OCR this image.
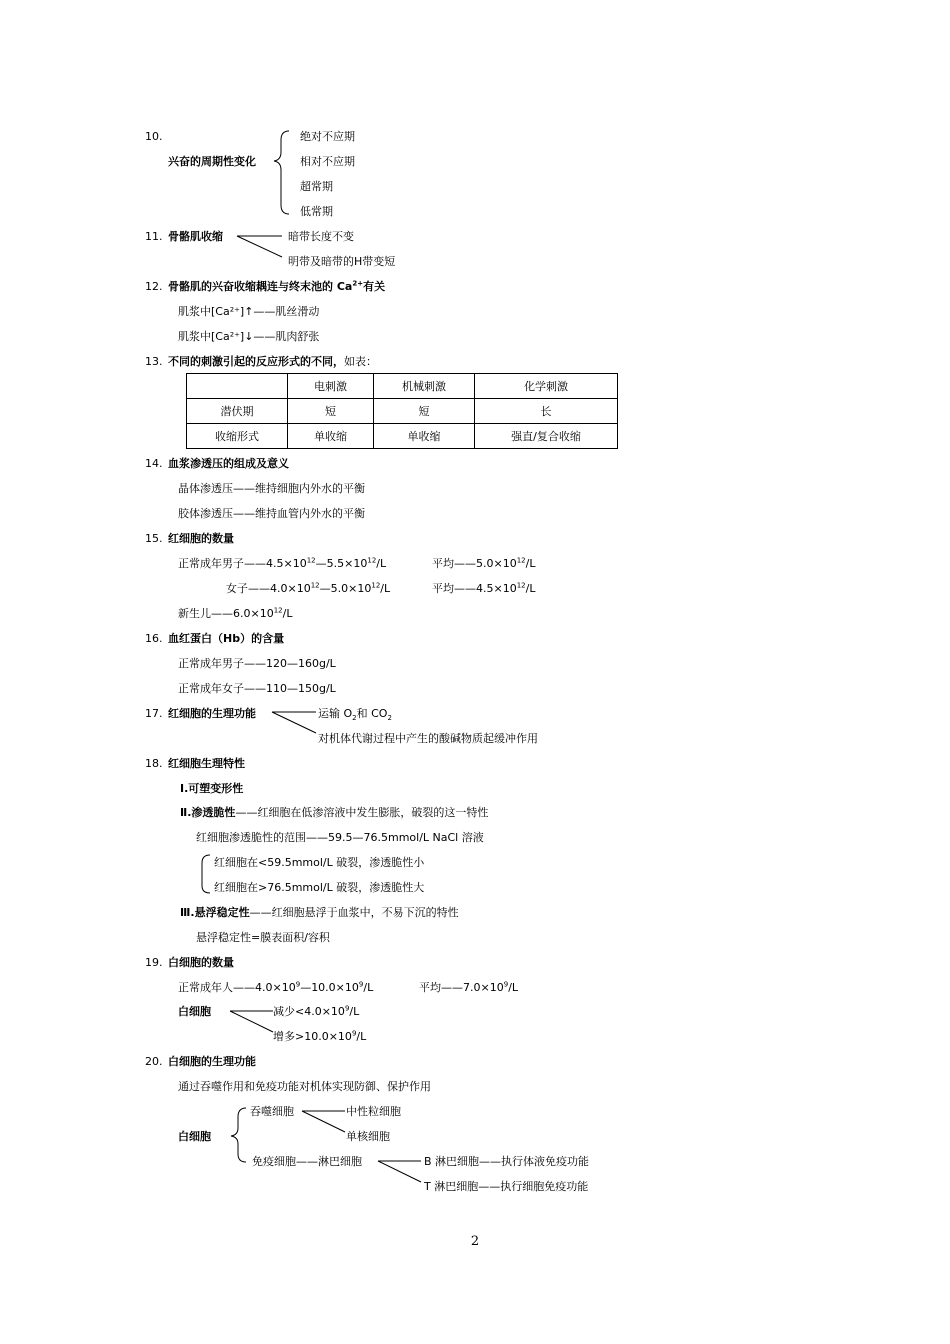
10.
兴奋的周期性变化
绝对不应期
相对不应期
超常期
低常期
11. 骨骼肌收缩	暗带长度不变
明带及暗带的H带变短
12. 骨骼肌的兴奋收缩耦连与终末池的 $Ca^{2+}$有关
肌浆中[Ca²⁺]↑——肌丝滑动
肌浆中[Ca²⁺]↓——肌肉舒张
13. 不同的刺激引起的反应形式的不同，如表：
	电刺激	机械刺激	化学刺激
潜伏期	短	短	长
收缩形式	单收缩	单收缩	强直/复合收缩
14. 血浆渗透压的组成及意义
晶体渗透压——维持细胞内外水的平衡
胶体渗透压——维持血管内外水的平衡
15. 红细胞的数量
正常成年男子$——4.5\times 10^{12}—5.5\times 10^{12}/L$	平均$——5.0\times 10^{12}/L$
女子$——4.0\times 10^{12}—5.0\times 10^{12}/L$	平均$——4.5\times 10^{12}/L$
新生儿$——6.0\times 10^{12}/L$
16. 血红蛋白（Hb）的含量
正常成年男子——120—160g/L
正常成年女子——110—150g/L
17. 红细胞的生理功能	运输 $O_2$和 $CO_2$
对机体代谢过程中产生的酸碱物质起缓冲作用
18. 红细胞生理特性
Ⅰ.可塑变形性
Ⅱ.渗透脆性——红细胞在低渗溶液中发生膨胀，破裂的这一特性
红细胞渗透脆性的范围——59.5—76.5mmol/L NaCl 溶液
红细胞在<59.5mmol/L 破裂，渗透脆性小
红细胞在>76.5mmol/L 破裂，渗透脆性大
Ⅲ.悬浮稳定性——红细胞悬浮于血浆中，不易下沉的特性
悬浮稳定性=膜表面积/容积
19. 白细胞的数量
正常成年人$——4.0\times 10^9—10.0\times 10^9/L$	平均$——7.0\times 10^9/L$
白细胞	减少$<4.0\times 10^9/L$
增多$>10.0\times 10^9/L$
20. 白细胞的生理功能
通过吞噬作用和免疫功能对机体实现防御、保护作用
白细胞
吞噬细胞	中性粒细胞
单核细胞
免疫细胞——淋巴细胞	B 淋巴细胞——执行体液免疫功能
T 淋巴细胞——执行细胞免疫功能
2
